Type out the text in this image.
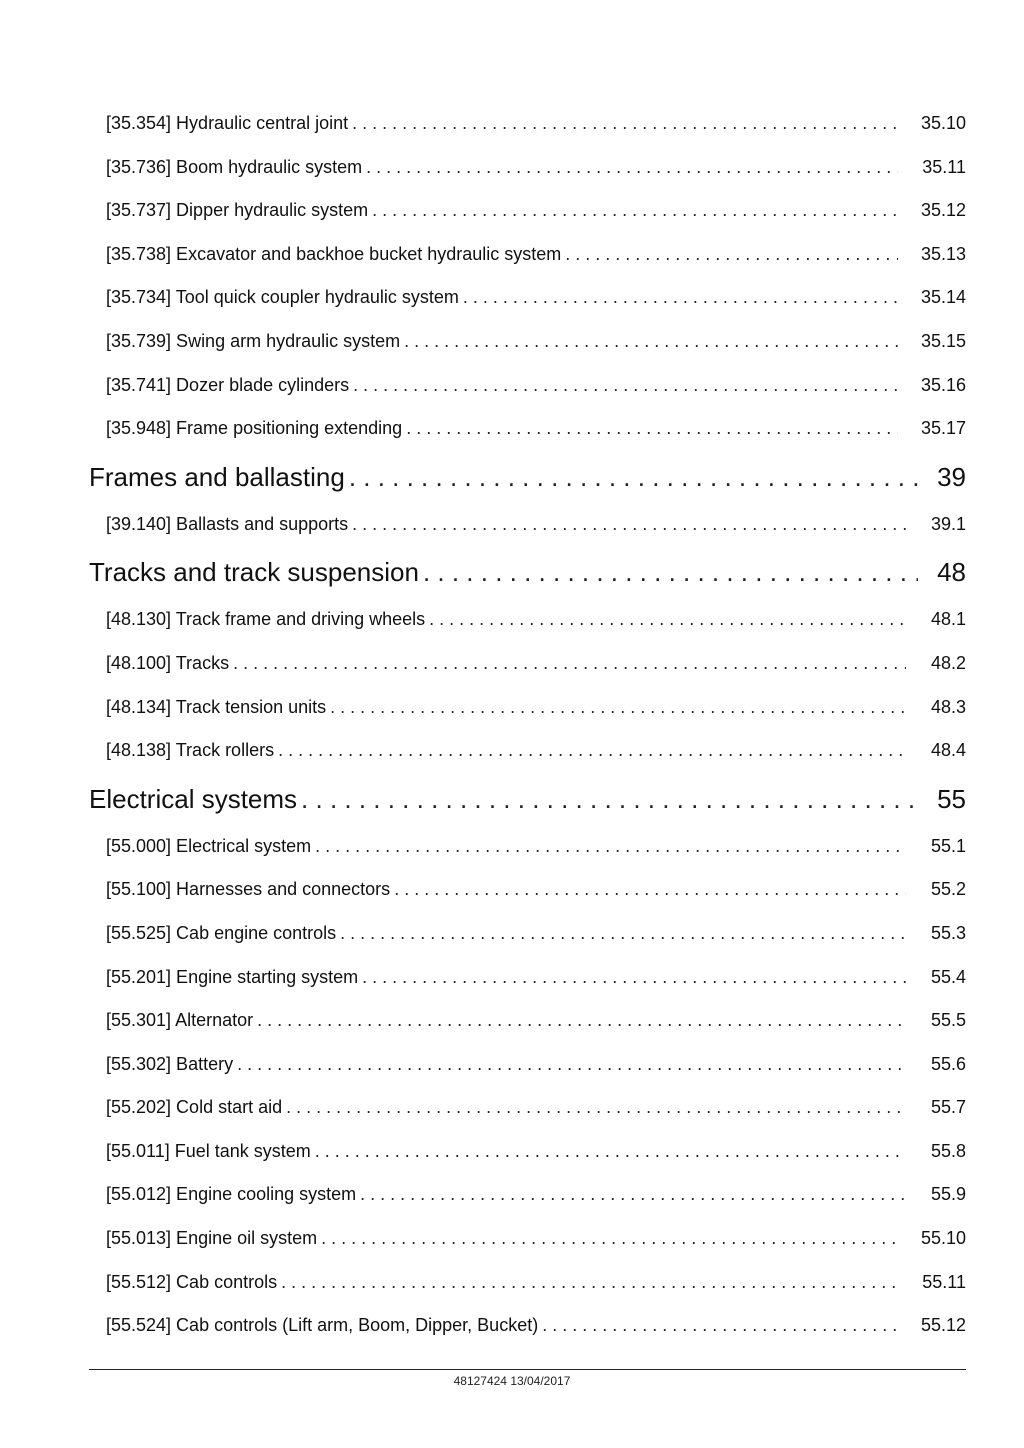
[35.354] Hydraulic central joint . . .	35.10
[35.736] Boom hydraulic system . . .	35.11
[35.737] Dipper hydraulic system . . .	35.12
[35.738] Excavator and backhoe bucket hydraulic system . . .	35.13
[35.734] Tool quick coupler hydraulic system . . .	35.14
[35.739] Swing arm hydraulic system . . .	35.15
[35.741] Dozer blade cylinders . . .	35.16
[35.948] Frame positioning extending . . .	35.17
Frames and ballasting . . .	39
[39.140] Ballasts and supports . . .	39.1
Tracks and track suspension . . .	48
[48.130] Track frame and driving wheels . . .	48.1
[48.100] Tracks . . .	48.2
[48.134] Track tension units . . .	48.3
[48.138] Track rollers . . .	48.4
Electrical systems . . .	55
[55.000] Electrical system . . .	55.1
[55.100] Harnesses and connectors . . .	55.2
[55.525] Cab engine controls . . .	55.3
[55.201] Engine starting system . . .	55.4
[55.301] Alternator . . .	55.5
[55.302] Battery . . .	55.6
[55.202] Cold start aid . . .	55.7
[55.011] Fuel tank system . . .	55.8
[55.012] Engine cooling system . . .	55.9
[55.013] Engine oil system . . .	55.10
[55.512] Cab controls . . .	55.11
[55.524] Cab controls (Lift arm, Boom, Dipper, Bucket) . . .	55.12
48127424 13/04/2017
